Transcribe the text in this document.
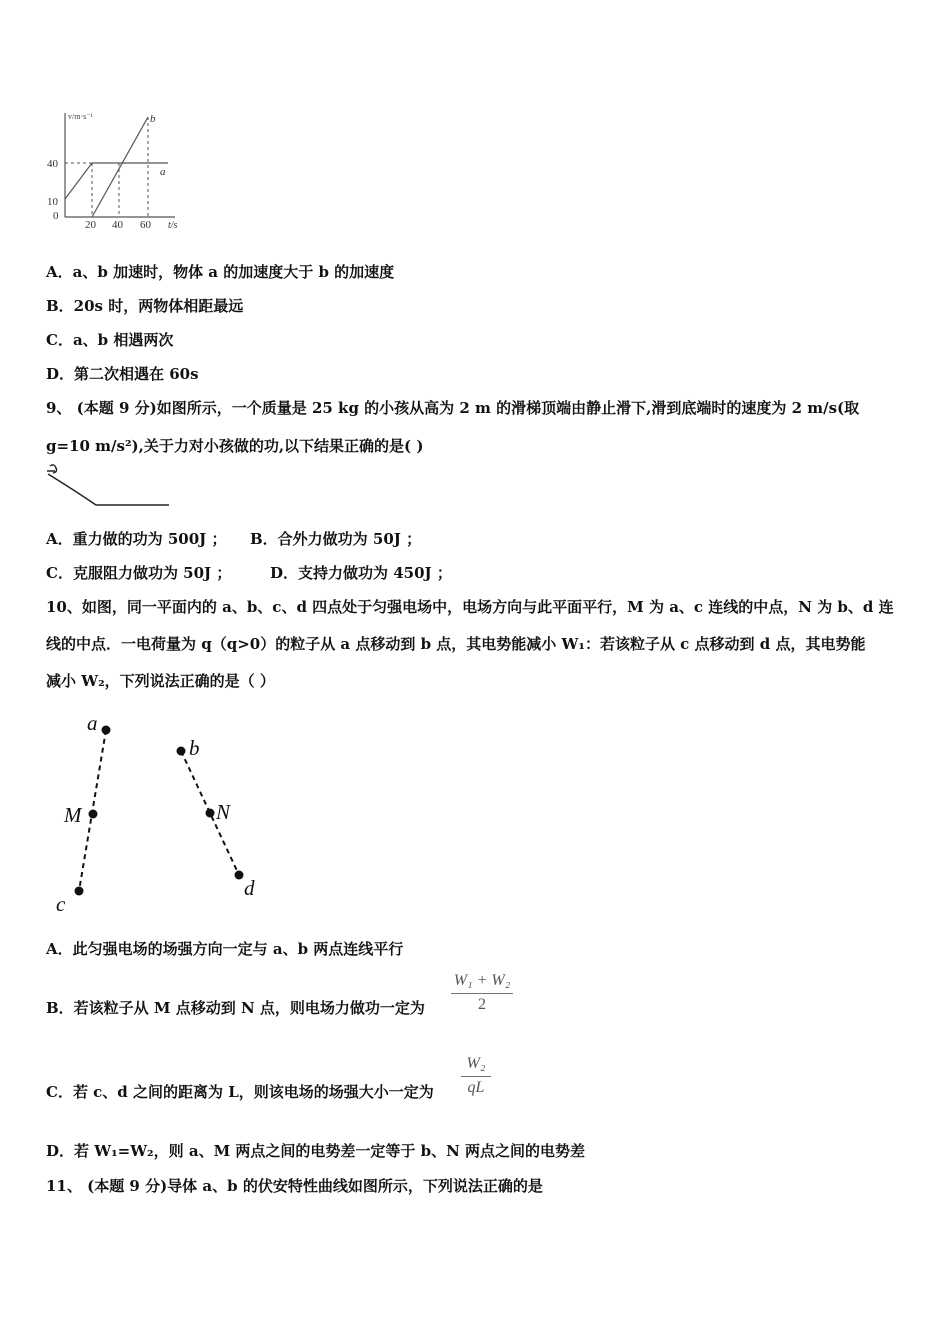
v/m·s⁻¹
40
10
0
20 40 60 t/s
a
b
A．a、b 加速时，物体 a 的加速度大于 b 的加速度
B．20s 时，两物体相距最远
C．a、b 相遇两次
D．第二次相遇在 60s
9、 (本题 9 分)如图所示，一个质量是 25 kg 的小孩从高为 2 m 的滑梯顶端由静止滑下,滑到底端时的速度为 2 m/s(取
g=10 m/s²),关于力对小孩做的功,以下结果正确的是( )
A．重力做的功为 500J ； B．合外力做功为 50J ；
C．克服阻力做功为 50J ；	D．支持力做功为 450J ；
10、如图，同一平面内的 a、b、c、d 四点处于匀强电场中，电场方向与此平面平行，M 为 a、c 连线的中点，N 为 b、d 连
线的中点．一电荷量为 q（q>0）的粒子从 a 点移动到 b 点，其电势能减小 W₁：若该粒子从 c 点移动到 d 点，其电势能
减小 W₂，下列说法正确的是（ ）
a
M
c
b
N
d
A．此匀强电场的场强方向一定与 a、b 两点连线平行
B．若该粒子从 M 点移动到 N 点，则电场力做功一定为
W₁ + W₂
2
C．若 c、d 之间的距离为 L，则该电场的场强大小一定为
W₂
qL
D．若 W₁=W₂，则 a、M 两点之间的电势差一定等于 b、N 两点之间的电势差
11、 (本题 9 分)导体 a、b 的伏安特性曲线如图所示，下列说法正确的是
